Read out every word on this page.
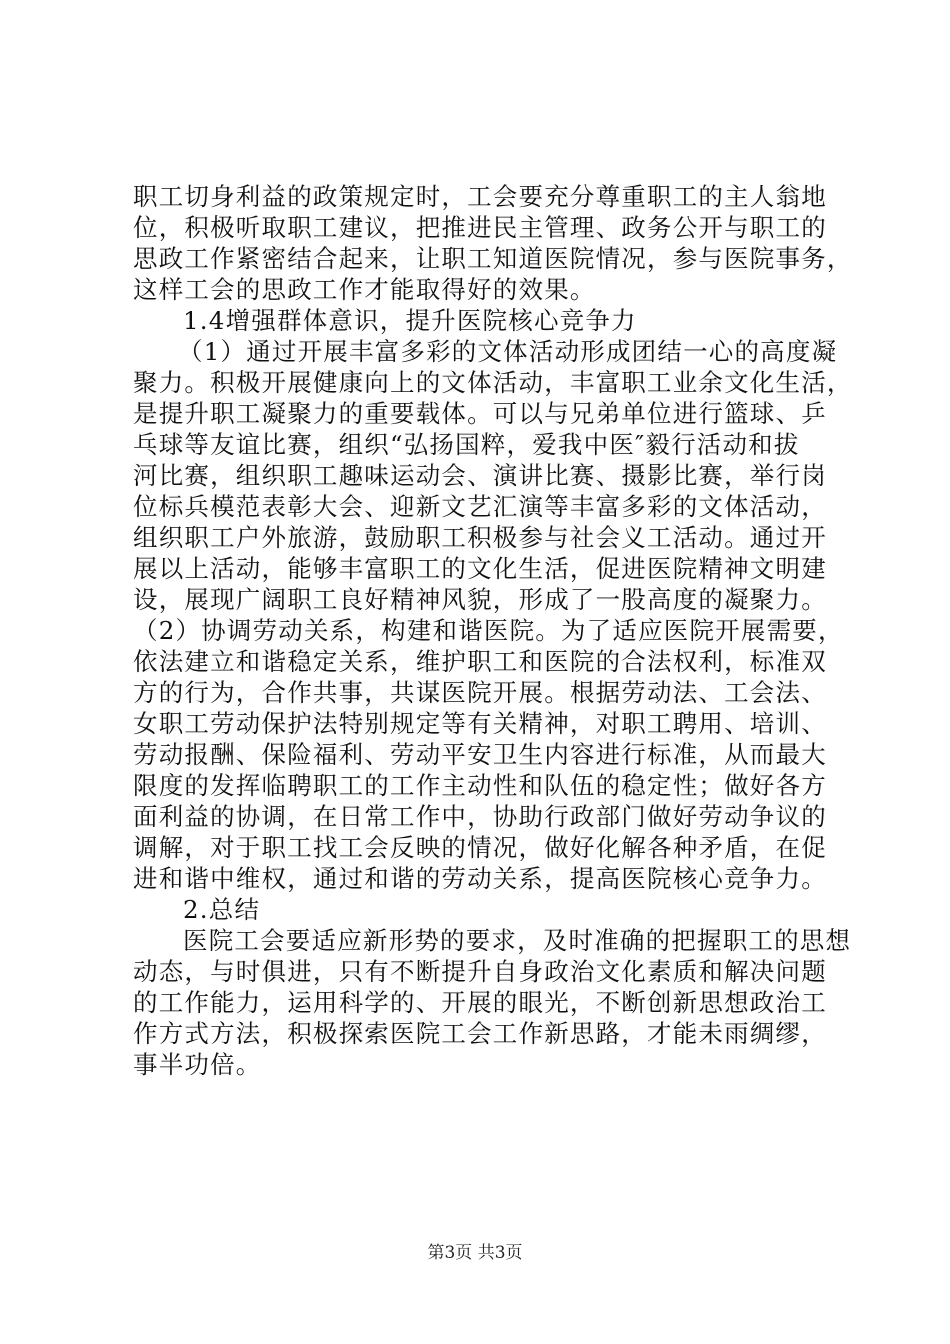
职工切身利益的政策规定时，工会要充分尊重职工的主人翁地
位，积极听取职工建议，把推进民主管理、政务公开与职工的
思政工作紧密结合起来，让职工知道医院情况，参与医院事务，
这样工会的思政工作才能取得好的效果。
1.4增强群体意识，提升医院核心竞争力
（1）通过开展丰富多彩的文体活动形成团结一心的高度凝
聚力。积极开展健康向上的文体活动，丰富职工业余文化生活，
是提升职工凝聚力的重要载体。可以与兄弟单位进行篮球、乒
乓球等友谊比赛，组织“弘扬国粹，爱我中医″毅行活动和拔
河比赛，组织职工趣味运动会、演讲比赛、摄影比赛，举行岗
位标兵模范表彰大会、迎新文艺汇演等丰富多彩的文体活动，
组织职工户外旅游，鼓励职工积极参与社会义工活动。通过开
展以上活动，能够丰富职工的文化生活，促进医院精神文明建
设，展现广阔职工良好精神风貌，形成了一股高度的凝聚力。
（2）协调劳动关系，构建和谐医院。为了适应医院开展需要，
依法建立和谐稳定关系，维护职工和医院的合法权利，标准双
方的行为，合作共事，共谋医院开展。根据劳动法、工会法、
女职工劳动保护法特别规定等有关精神，对职工聘用、培训、
劳动报酬、保险福利、劳动平安卫生内容进行标准，从而最大
限度的发挥临聘职工的工作主动性和队伍的稳定性；做好各方
面利益的协调，在日常工作中，协助行政部门做好劳动争议的
调解，对于职工找工会反映的情况，做好化解各种矛盾，在促
进和谐中维权，通过和谐的劳动关系，提高医院核心竞争力。
2.总结
医院工会要适应新形势的要求，及时准确的把握职工的思想
动态，与时俱进，只有不断提升自身政治文化素质和解决问题
的工作能力，运用科学的、开展的眼光，不断创新思想政治工
作方式方法，积极探索医院工会工作新思路，才能未雨绸缪，
事半功倍。
第3页 共3页
